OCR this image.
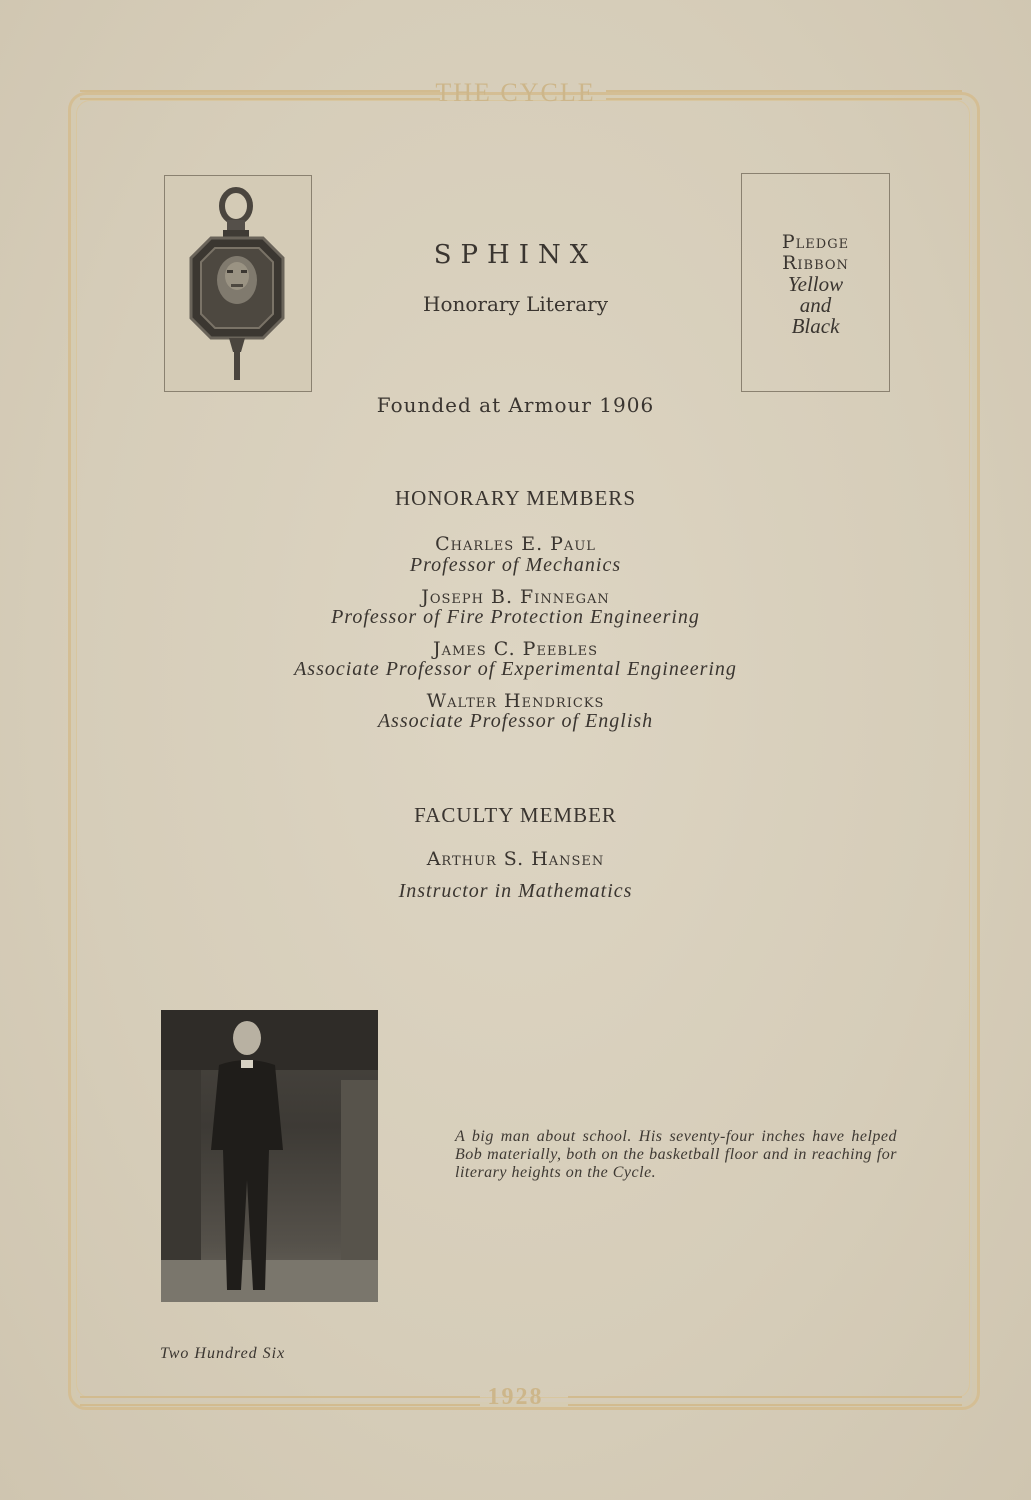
THE CYCLE
1928
Pledge
Ribbon
Yellow
and
Black
SPHINX
Honorary Literary
Founded at Armour 1906
HONORARY MEMBERS
Charles E. Paul
Professor of Mechanics
Joseph B. Finnegan
Professor of Fire Protection Engineering
James C. Peebles
Associate Professor of Experimental Engineering
Walter Hendricks
Associate Professor of English
FACULTY MEMBER
Arthur S. Hansen
Instructor in Mathematics
A big man about school. His seventy-four inches have helped Bob materially, both on the basketball floor and in reaching for literary heights on the Cycle.
Two Hundred Six
